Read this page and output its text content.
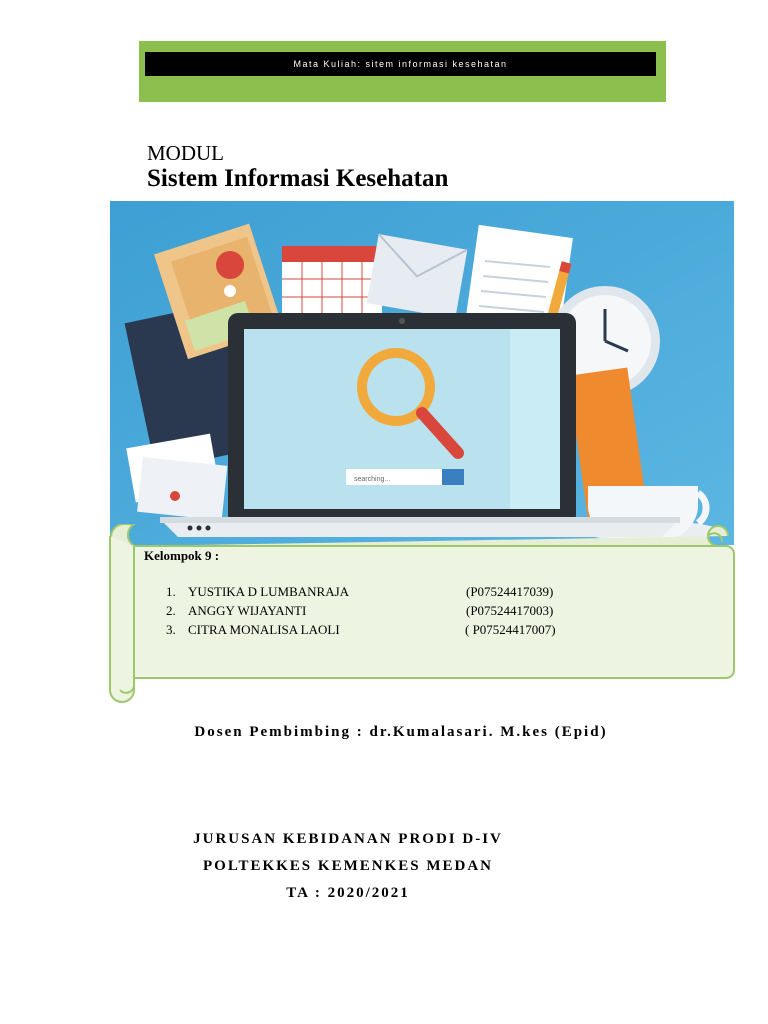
Mata Kuliah: sitem informasi kesehatan
MODUL
Sistem Informasi Kesehatan
searching...
Kelompok 9 :
1. YUSTIKA D LUMBANRAJA	(P07524417039)
2. ANGGY WIJAYANTI	(P07524417003)
3. CITRA MONALISA LAOLI	( P07524417007)
Dosen Pembimbing : dr.Kumalasari. M.kes (Epid)
JURUSAN KEBIDANAN PRODI D-IV
POLTEKKES KEMENKES MEDAN
TA : 2020/2021
